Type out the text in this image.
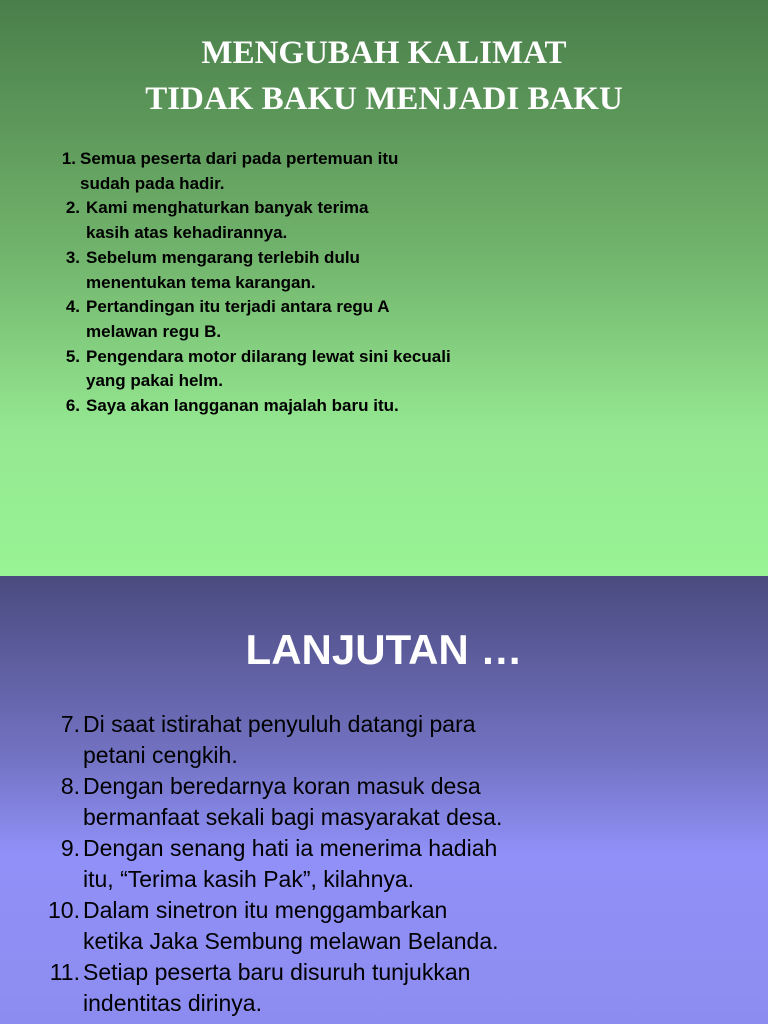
MENGUBAH KALIMAT
TIDAK BAKU MENJADI BAKU
1. Semua peserta dari pada pertemuan itu
sudah pada hadir.
2. Kami menghaturkan banyak terima
kasih atas kehadirannya.
3. Sebelum mengarang terlebih dulu
menentukan tema karangan.
4. Pertandingan itu terjadi antara regu A
melawan regu B.
5. Pengendara motor dilarang lewat sini kecuali
yang pakai helm.
6. Saya akan langganan majalah baru itu.
LANJUTAN …
7. Di saat istirahat penyuluh datangi para
petani cengkih.
8. Dengan beredarnya koran masuk desa
bermanfaat sekali bagi masyarakat desa.
9. Dengan senang hati ia menerima hadiah
itu, “Terima kasih Pak”, kilahnya.
10. Dalam sinetron itu menggambarkan
ketika Jaka Sembung melawan Belanda.
11. Setiap peserta baru disuruh tunjukkan
indentitas dirinya.
